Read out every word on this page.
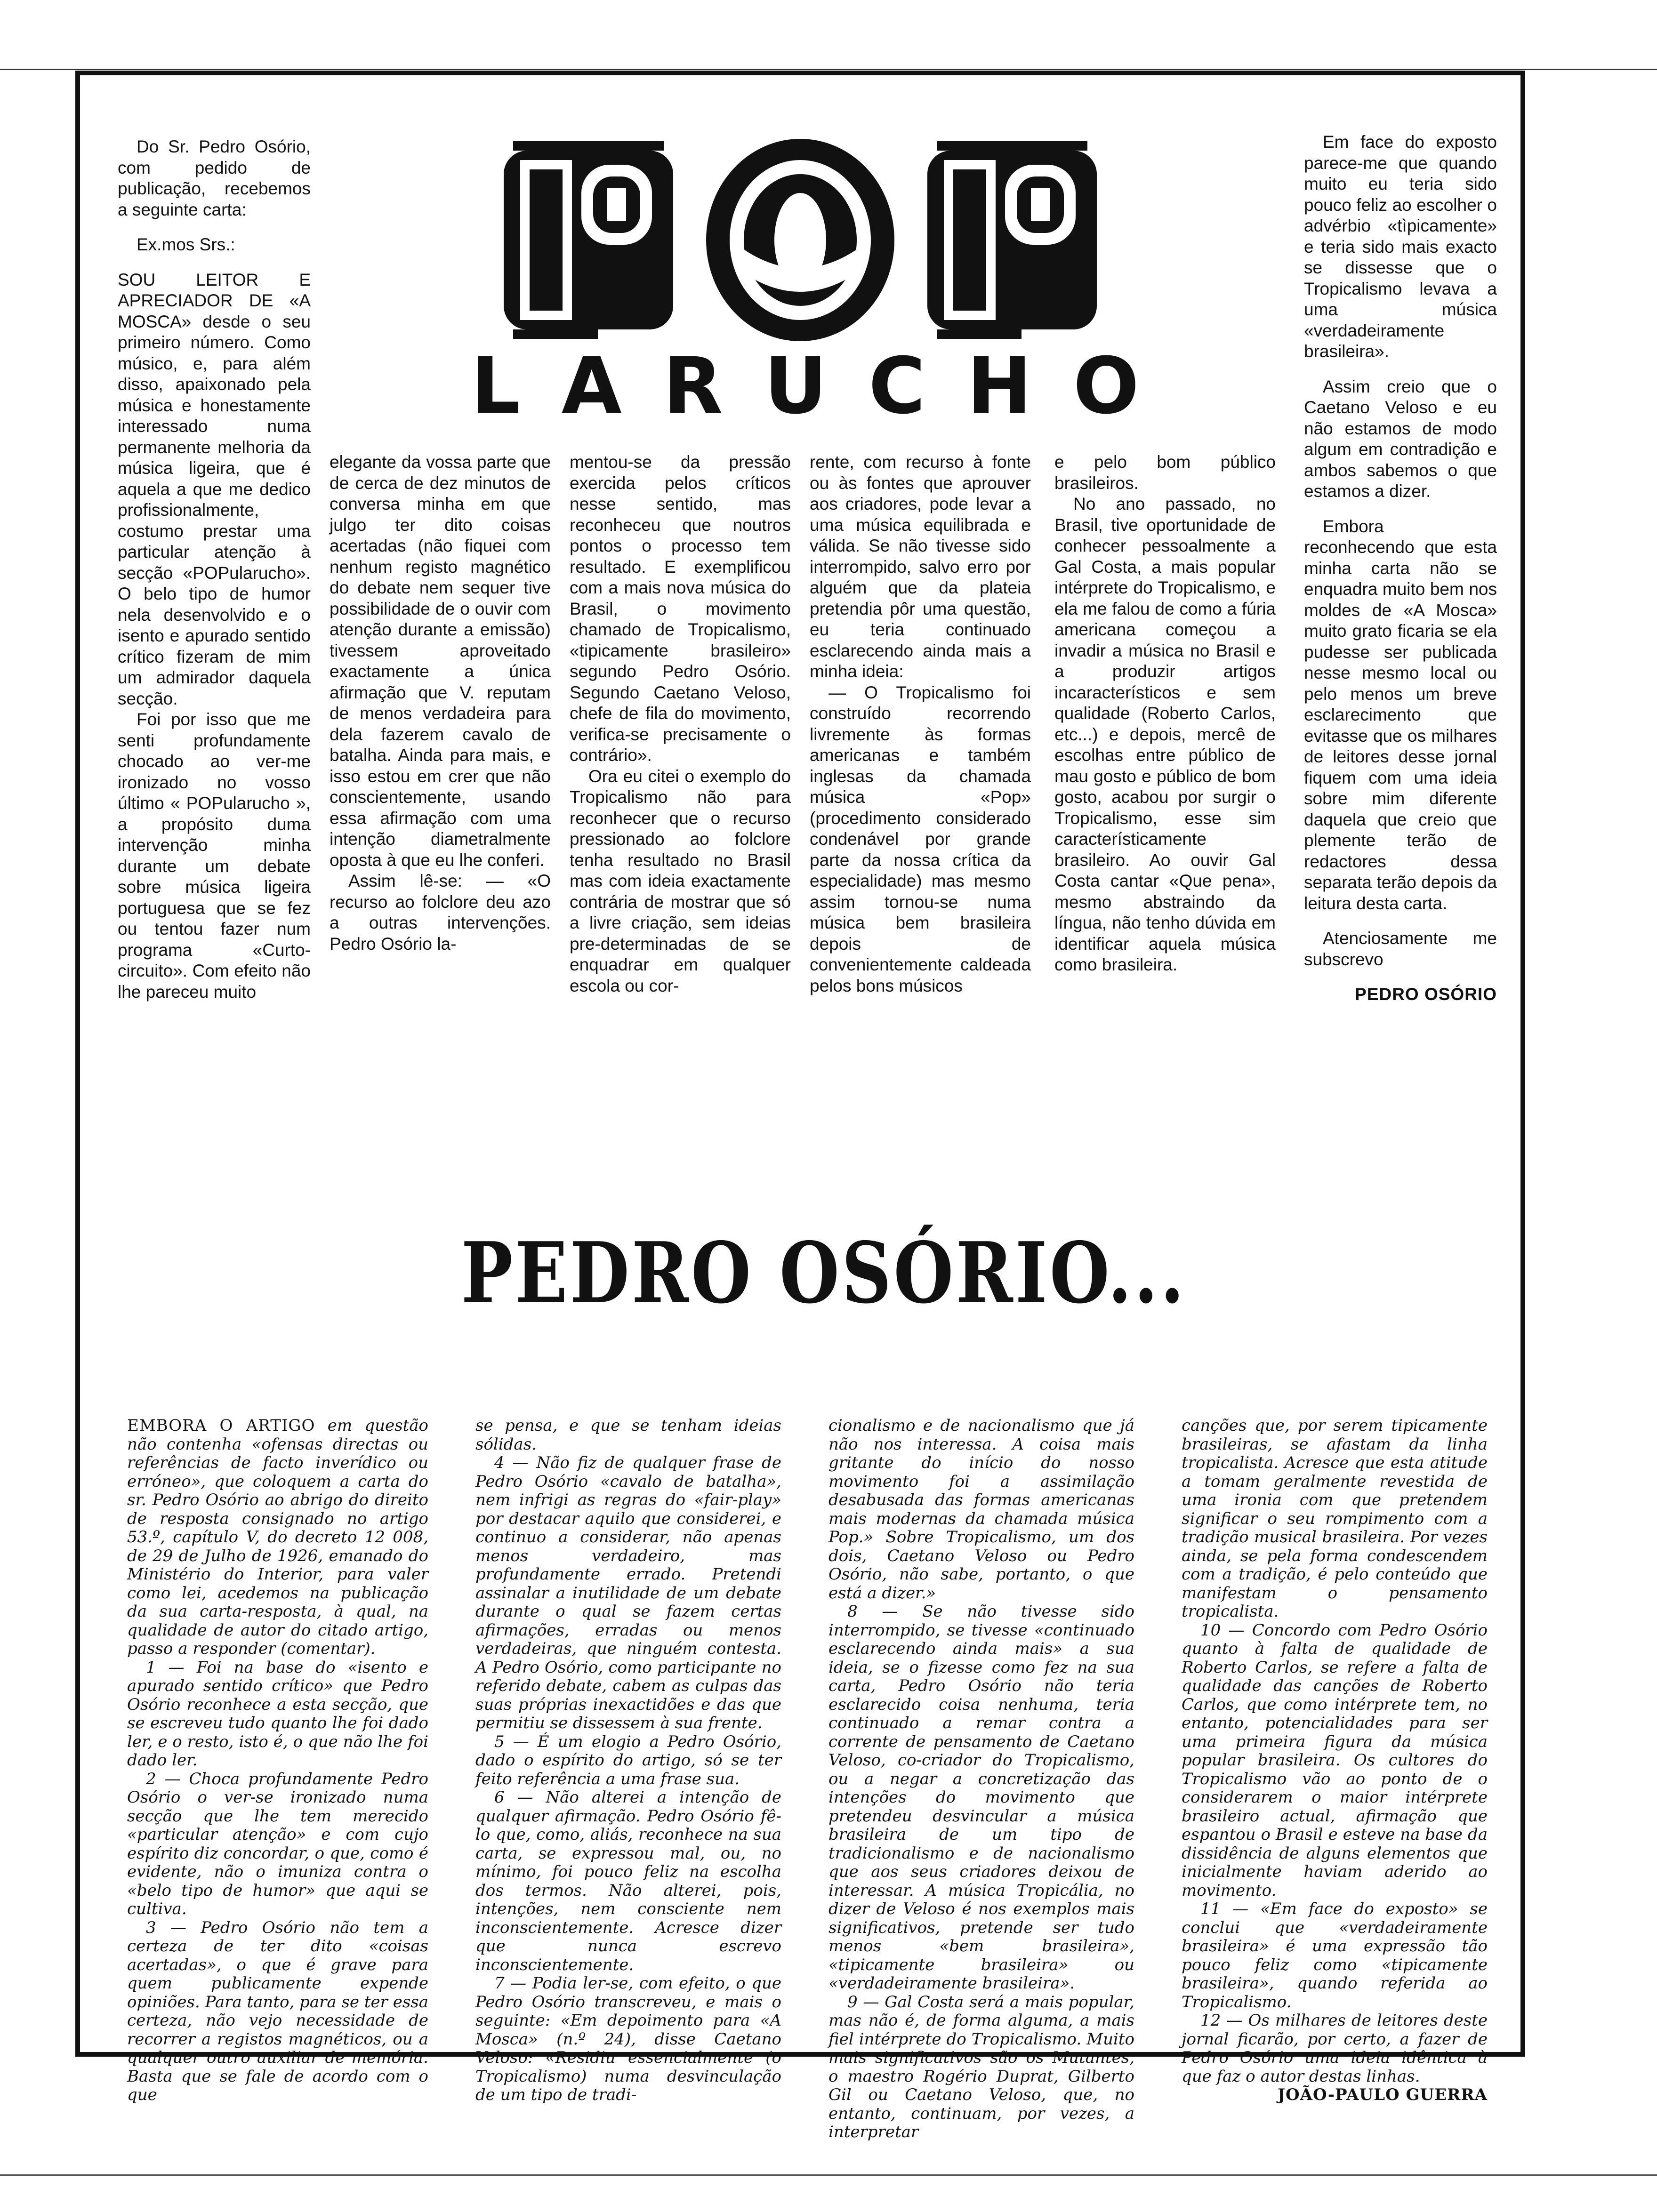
Do Sr. Pedro Osório, com pedido de publicação, recebemos a seguinte carta:

Ex.mos Srs.:

SOU LEITOR E APRECIADOR DE «A MOSCA» desde o seu primeiro número. Como músico, e, para além disso, apaixonado pela música e honestamente interessado numa permanente melhoria da música ligeira, que é aquela a que me dedico profissionalmente, costumo prestar uma particular atenção à secção «POPularucho». O belo tipo de humor nela desenvolvido e o isento e apurado sentido crítico fizeram de mim um admirador daquela secção.

Foi por isso que me senti profundamente chocado ao ver-me ironizado no vosso último « POPularucho », a propósito duma intervenção minha durante um debate sobre música ligeira portuguesa que se fez ou tentou fazer num programa «Curto-circuito». Com efeito não lhe pareceu muito

L A R U C H O

elegante da vossa parte que de cerca de dez minutos de conversa minha em que julgo ter dito coisas acertadas (não fiquei com nenhum registo magnético do debate nem sequer tive possibilidade de o ouvir com atenção durante a emissão) tivessem aproveitado exactamente a única afirmação que V. reputam de menos verdadeira para dela fazerem cavalo de batalha. Ainda para mais, e isso estou em crer que não conscientemente, usando essa afirmação com uma intenção diametralmente oposta à que eu lhe conferi.

Assim lê-se: — «O recurso ao folclore deu azo a outras intervenções. Pedro Osório la-

mentou-se da pressão exercida pelos críticos nesse sentido, mas reconheceu que noutros pontos o processo tem resultado. E exemplificou com a mais nova música do Brasil, o movimento chamado de Tropicalismo, «tipicamente brasileiro» segundo Pedro Osório. Segundo Caetano Veloso, chefe de fila do movimento, verifica-se precisamente o contrário».

Ora eu citei o exemplo do Tropicalismo não para reconhecer que o recurso pressionado ao folclore tenha resultado no Brasil mas com ideia exactamente contrária de mostrar que só a livre criação, sem ideias pre-determinadas de se enquadrar em qualquer escola ou cor-

rente, com recurso à fonte ou às fontes que aprouver aos criadores, pode levar a uma música equilibrada e válida. Se não tivesse sido interrompido, salvo erro por alguém que da plateia pretendia pôr uma questão, eu teria continuado esclarecendo ainda mais a minha ideia:

— O Tropicalismo foi construído recorrendo livremente às formas americanas e também inglesas da chamada música «Pop» (procedimento considerado condenável por grande parte da nossa crítica da especialidade) mas mesmo assim tornou-se numa música bem brasileira depois de convenientemente caldeada pelos bons músicos

e pelo bom público brasileiros.

No ano passado, no Brasil, tive oportunidade de conhecer pessoalmente a Gal Costa, a mais popular intérprete do Tropicalismo, e ela me falou de como a fúria americana começou a invadir a música no Brasil e a produzir artigos incaracterísticos e sem qualidade (Roberto Carlos, etc...) e depois, mercê de escolhas entre público de mau gosto e público de bom gosto, acabou por surgir o Tropicalismo, esse sim característicamente brasileiro. Ao ouvir Gal Costa cantar «Que pena», mesmo abstraindo da língua, não tenho dúvida em identificar aquela música como brasileira.

Em face do exposto parece-me que quando muito eu teria sido pouco feliz ao escolher o advérbio «tìpicamente» e teria sido mais exacto se dissesse que o Tropicalismo levava a uma música «verdadeiramente brasileira».

Assim creio que o Caetano Veloso e eu não estamos de modo algum em contradição e ambos sabemos o que estamos a dizer.

Embora reconhecendo que esta minha carta não se enquadra muito bem nos moldes de «A Mosca» muito grato ficaria se ela pudesse ser publicada nesse mesmo local ou pelo menos um breve esclarecimento que evitasse que os milhares de leitores desse jornal fiquem com uma ideia sobre mim diferente daquela que creio que plemente terão de redactores dessa separata terão depois da leitura desta carta.

Atenciosamente me subscrevo

PEDRO OSÓRIO

PEDRO OSÓRIO...

EMBORA O ARTIGO em questão não contenha «ofensas directas ou referências de facto inverídico ou erróneo», que coloquem a carta do sr. Pedro Osório ao abrigo do direito de resposta consignado no artigo 53.º, capítulo V, do decreto 12 008, de 29 de Julho de 1926, emanado do Ministério do Interior, para valer como lei, acedemos na publicação da sua carta-resposta, à qual, na qualidade de autor do citado artigo, passo a responder (comentar).

1 — Foi na base do «isento e apurado sentido crítico» que Pedro Osório reconhece a esta secção, que se escreveu tudo quanto lhe foi dado ler, e o resto, isto é, o que não lhe foi dado ler.

2 — Choca profundamente Pedro Osório o ver-se ironizado numa secção que lhe tem merecido «particular atenção» e com cujo espírito diz concordar, o que, como é evidente, não o imuniza contra o «belo tipo de humor» que aqui se cultiva.

3 — Pedro Osório não tem a certeza de ter dito «coisas acertadas», o que é grave para quem publicamente expende opiniões. Para tanto, para se ter essa certeza, não vejo necessidade de recorrer a registos magnéticos, ou a qualquer outro auxiliar de memória. Basta que se fale de acordo com o que

se pensa, e que se tenham ideias sólidas.

4 — Não fiz de qualquer frase de Pedro Osório «cavalo de batalha», nem infrigi as regras do «fair-play» por destacar aquilo que considerei, e continuo a considerar, não apenas menos verdadeiro, mas profundamente errado. Pretendi assinalar a inutilidade de um debate durante o qual se fazem certas afirmações, erradas ou menos verdadeiras, que ninguém contesta. A Pedro Osório, como participante no referido debate, cabem as culpas das suas próprias inexactidões e das que permitiu se dissessem à sua frente.

5 — É um elogio a Pedro Osório, dado o espírito do artigo, só se ter feito referência a uma frase sua.

6 — Não alterei a intenção de qualquer afirmação. Pedro Osório fê-lo que, como, aliás, reconhece na sua carta, se expressou mal, ou, no mínimo, foi pouco feliz na escolha dos termos. Não alterei, pois, intenções, nem consciente nem inconscientemente. Acresce dizer que nunca escrevo inconscientemente.

7 — Podia ler-se, com efeito, o que Pedro Osório transcreveu, e mais o seguinte: «Em depoimento para «A Mosca» (n.º 24), disse Caetano Veloso: «Residiu essencialmente (o Tropicalismo) numa desvinculação de um tipo de tradi-

cionalismo e de nacionalismo que já não nos interessa. A coisa mais gritante do início do nosso movimento foi a assimilação desabusada das formas americanas mais modernas da chamada música Pop.» Sobre Tropicalismo, um dos dois, Caetano Veloso ou Pedro Osório, não sabe, portanto, o que está a dizer.»

8 — Se não tivesse sido interrompido, se tivesse «continuado esclarecendo ainda mais» a sua ideia, se o fizesse como fez na sua carta, Pedro Osório não teria esclarecido coisa nenhuma, teria continuado a remar contra a corrente de pensamento de Caetano Veloso, co-criador do Tropicalismo, ou a negar a concretização das intenções do movimento que pretendeu desvincular a música brasileira de um tipo de tradicionalismo e de nacionalismo que aos seus criadores deixou de interessar. A música Tropicália, no dizer de Veloso é nos exemplos mais significativos, pretende ser tudo menos «bem brasileira», «tipicamente brasileira» ou «verdadeiramente brasileira».

9 — Gal Costa será a mais popular, mas não é, de forma alguma, a mais fiel intérprete do Tropicalismo. Muito mais significativos são os Mutantes, o maestro Rogério Duprat, Gilberto Gil ou Caetano Veloso, que, no entanto, continuam, por vezes, a interpretar

canções que, por serem tipicamente brasileiras, se afastam da linha tropicalista. Acresce que esta atitude a tomam geralmente revestida de uma ironia com que pretendem significar o seu rompimento com a tradição musical brasileira. Por vezes ainda, se pela forma condescendem com a tradição, é pelo conteúdo que manifestam o pensamento tropicalista.

10 — Concordo com Pedro Osório quanto à falta de qualidade de Roberto Carlos, se refere a falta de qualidade das canções de Roberto Carlos, que como intérprete tem, no entanto, potencialidades para ser uma primeira figura da música popular brasileira. Os cultores do Tropicalismo vão ao ponto de o considerarem o maior intérprete brasileiro actual, afirmação que espantou o Brasil e esteve na base da dissidência de alguns elementos que inicialmente haviam aderido ao movimento.

11 — «Em face do exposto» se conclui que «verdadeiramente brasileira» é uma expressão tão pouco feliz como «tipicamente brasileira», quando referida ao Tropicalismo.

12 — Os milhares de leitores deste jornal ficarão, por certo, a fazer de Pedro Osório uma ideia idêntica à que faz o autor destas linhas.

JOÃO-PAULO GUERRA
